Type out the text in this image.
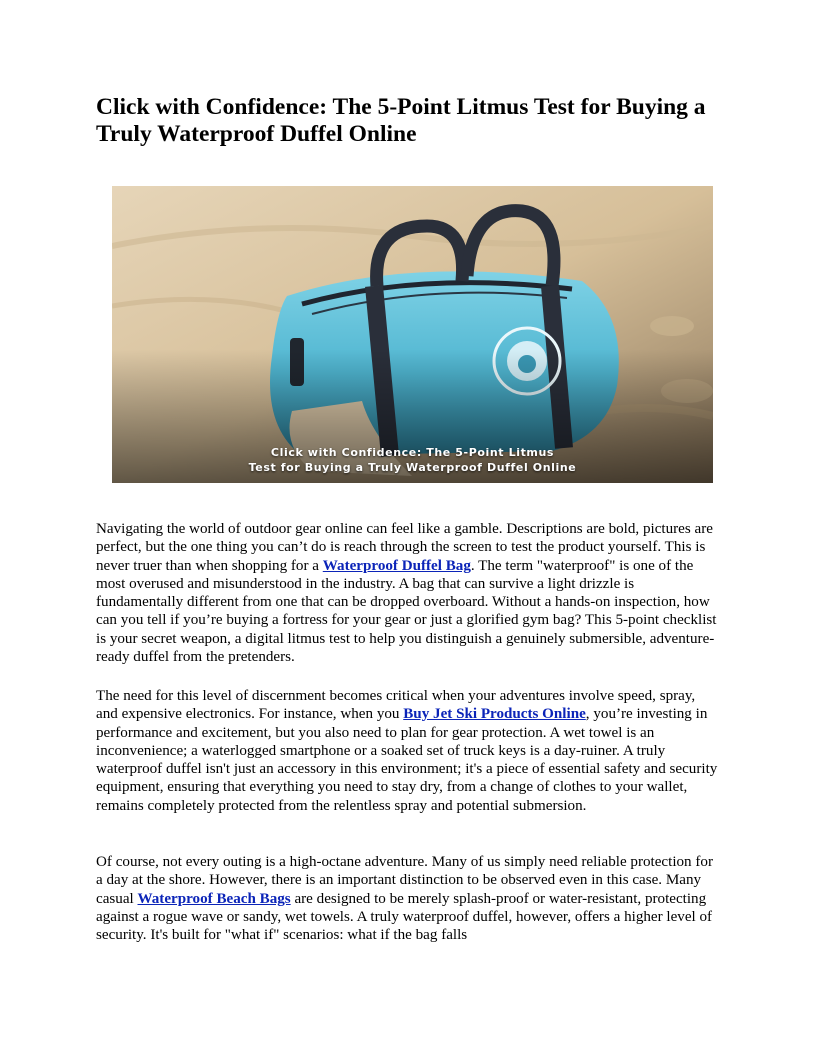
Click with Confidence: The 5-Point Litmus Test for Buying a Truly Waterproof Duffel Online
Click with Confidence: The 5-Point Litmus
Test for Buying a Truly Waterproof Duffel Online

Navigating the world of outdoor gear online can feel like a gamble. Descriptions are bold, pictures are perfect, but the one thing you can’t do is reach through the screen to test the product yourself. This is never truer than when shopping for a Waterproof Duffel Bag. The term "waterproof" is one of the most overused and misunderstood in the industry. A bag that can survive a light drizzle is fundamentally different from one that can be dropped overboard. Without a hands-on inspection, how can you tell if you’re buying a fortress for your gear or just a glorified gym bag? This 5-point checklist is your secret weapon, a digital litmus test to help you distinguish a genuinely submersible, adventure-ready duffel from the pretenders.

The need for this level of discernment becomes critical when your adventures involve speed, spray, and expensive electronics. For instance, when you Buy Jet Ski Products Online, you’re investing in performance and excitement, but you also need to plan for gear protection. A wet towel is an inconvenience; a waterlogged smartphone or a soaked set of truck keys is a day-ruiner. A truly waterproof duffel isn't just an accessory in this environment; it's a piece of essential safety and security equipment, ensuring that everything you need to stay dry, from a change of clothes to your wallet, remains completely protected from the relentless spray and potential submersion.

Of course, not every outing is a high-octane adventure. Many of us simply need reliable protection for a day at the shore. However, there is an important distinction to be observed even in this case. Many casual Waterproof Beach Bags are designed to be merely splash-proof or water-resistant, protecting against a rogue wave or sandy, wet towels. A truly waterproof duffel, however, offers a higher level of security. It's built for "what if" scenarios: what if the bag falls
